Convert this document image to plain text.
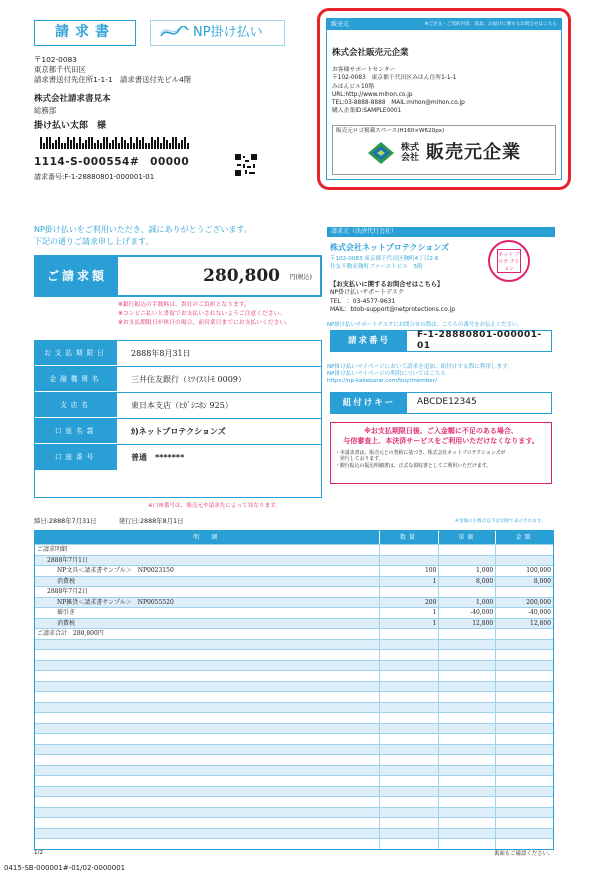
請求書	NP掛け払い
〒102-0083
東京都千代田区
請求書送付先住所1-1-1　請求書送付先ビル4階
株式会社請求書見本
総務部
掛け払い太郎　様
1114-S-000554#　00000
請求番号:F-1-28880801-000001-01
販売元	※ご注文・ご契約内容、返品、お届けに関するお問合せはこちら
株式会社販売元企業
お客様サポートセンター
〒102-0083　東京都千代田区みほん住所1-1-1
みほんビル10階
URL:http://www.mihon.co.jp
TEL:03-8888-8888　MAIL:mihon@mihon.co.jp
購入企業ID:SAMPLE0001
販売元ロゴ掲載スペース(H160×W620px)
株式会社 販売元企業
NP掛け払いをご利用いただき、誠にありがとうございます。
下記の通りご請求申し上げます。
ご請求額	280,800 円(税込)
※銀行振込の手数料は、貴社のご負担となります。
※コンビニ払いと書留でお支払いされないようご注意ください。
※お支払期限日が休日の場合、前営業日までにお支払いください。
お支払期限日	2888年8月31日
金融機関名	三井住友銀行（ﾐﾂｲｽﾐﾄﾓ 0009）
支店名	東日本支店（ﾋｶﾞｼﾆﾎﾝ 925）
口座名義	ｶ)ネットプロテクションズ
口座番号	普通　*******
※口座番号は、販売元や請求先によって異なります。
請求元（決済代行会社）
株式会社ネットプロテクションズ
〒102-0083 東京都千代田区麹町4丁目2-6
住友不動産麹町ファーストビル　5階
ネット プロテ クション
【お支払いに関するお問合せはこちら】
NP掛け払いサポートデスク
TEL　：03-4577-9631
MAIL：btob-support@netprotections.co.jp
NP掛け払いサポートデスクにお問合せの際は、こちらの番号をお伝えください。
請求番号
F-1-28880801-000001-01
NP掛け払いマイページにおいて請求を追加、紐付けする際に利用します。
NP掛け払いマイページの利用についてはこちら
https://np-kakebarai.com/buy/member/
紐付けキー	ABCDE12345
※お支払期限日後、ご入金額に不足のある場合、
与信審査上、本決済サービスをご利用いただけなくなります。
・本請求書は、販売元との契約に基づき、株式会社ネットプロテクションズが
　発行しております。
・銀行振込の振込明細書は、正式な領収書としてご利用いただけます。
締日:2888年7月31日	発行日:2888年8月1日	※金額の小数点以下は切捨て表示されます。
明　細	数量	単価	金額
ご請求明細
2888年7月1日
NP文具＜請求書サンプル＞　NP0023150	100	1,000	100,000
消費税	1	8,000	8,000
2888年7月2日
NP雑貨＜請求書サンプル＞　NP0055520	200	1,000	200,000
値引き	1	-40,000	-40,000
消費税	1	12,800	12,800
ご請求合計　280,800円
1/2	裏面もご確認ください。
0415-SB-000001#-01/02-0000001
